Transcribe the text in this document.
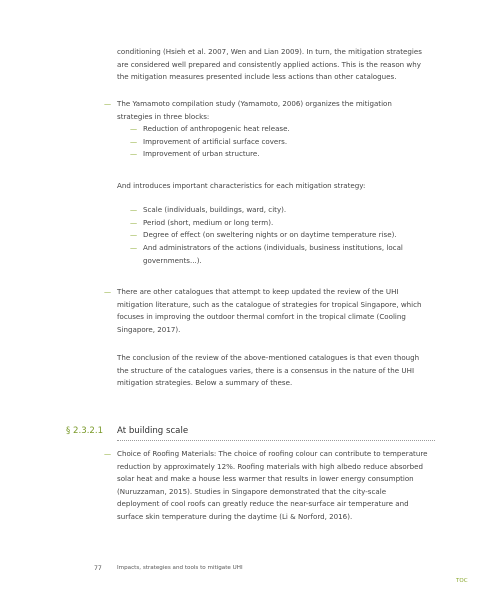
conditioning (Hsieh et al. 2007, Wen and Lian 2009). In turn, the mitigation strategies
are considered well prepared and consistently applied actions. This is the reason why
the mitigation measures presented include less actions than other catalogues.
— The Yamamoto compilation study (Yamamoto, 2006) organizes the mitigation
strategies in three blocks:
— Reduction of anthropogenic heat release.
— Improvement of artificial surface covers.
— Improvement of urban structure.
And introduces important characteristics for each mitigation strategy:
— Scale (individuals, buildings, ward, city).
— Period (short, medium or long term).
— Degree of effect (on sweltering nights or on daytime temperature rise).
— And administrators of the actions (individuals, business institutions, local
governments...).
— There are other catalogues that attempt to keep updated the review of the UHI
mitigation literature, such as the catalogue of strategies for tropical Singapore, which
focuses in improving the outdoor thermal comfort in the tropical climate (Cooling
Singapore, 2017).
The conclusion of the review of the above-mentioned catalogues is that even though
the structure of the catalogues varies, there is a consensus in the nature of the UHI
mitigation strategies. Below a summary of these.
§ 2.3.2.1 At building scale
— Choice of Roofing Materials: The choice of roofing colour can contribute to temperature
reduction by approximately 12%. Roofing materials with high albedo reduce absorbed
solar heat and make a house less warmer that results in lower energy consumption
(Nuruzzaman, 2015). Studies in Singapore demonstrated that the city-scale
deployment of cool roofs can greatly reduce the near-surface air temperature and
surface skin temperature during the daytime (Li & Norford, 2016).
77	Impacts, strategies and tools to mitigate UHI
TOC
